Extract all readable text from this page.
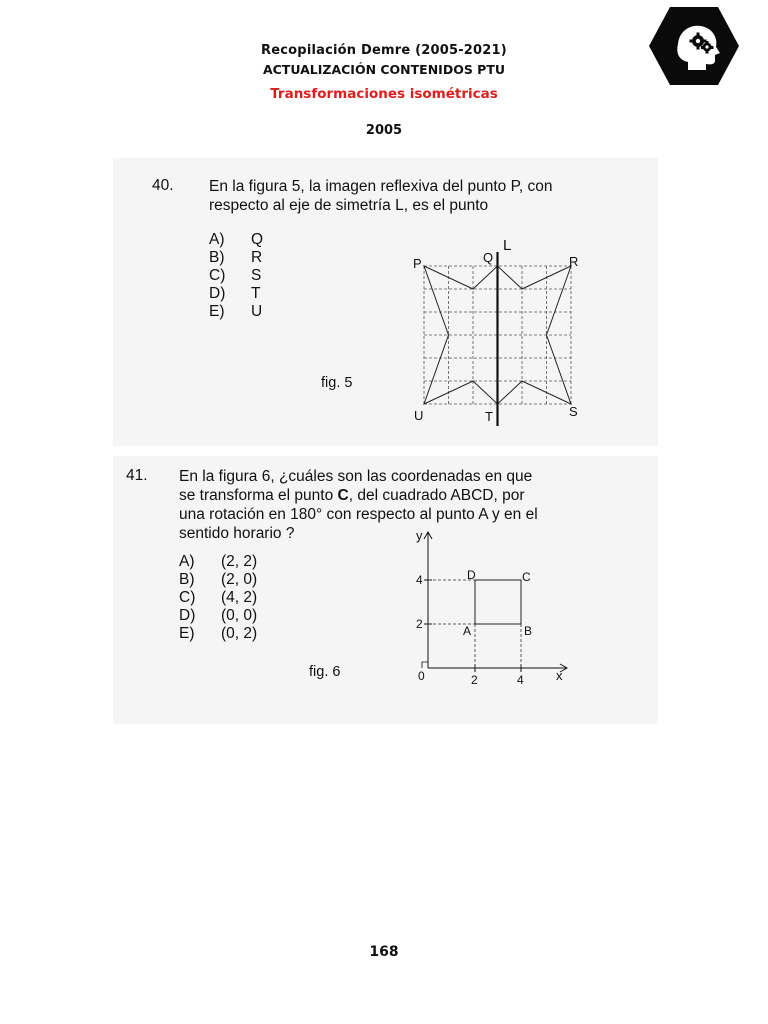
Recopilación Demre (2005-2021)
ACTUALIZACIÓN CONTENIDOS PTU
Transformaciones isométricas
2005
40. En la figura 5, la imagen reflexiva del punto P, con
respecto al eje de simetría L, es el punto
A) Q
B) R
C) S
D) T
E) U
fig. 5
L
P	Q	R
S
T
U
41. En la figura 6, ¿cuáles son las coordenadas en que
se transforma el punto C, del cuadrado ABCD, por
una rotación en 180° con respecto al punto A y en el
sentido horario ?
A) (2, 2)
B) (2, 0)
C) (4, 2)
D) (0, 0)
E) (0, 2)
fig. 6
y
x
0	2	4
4
2	A	B
C
D
168
